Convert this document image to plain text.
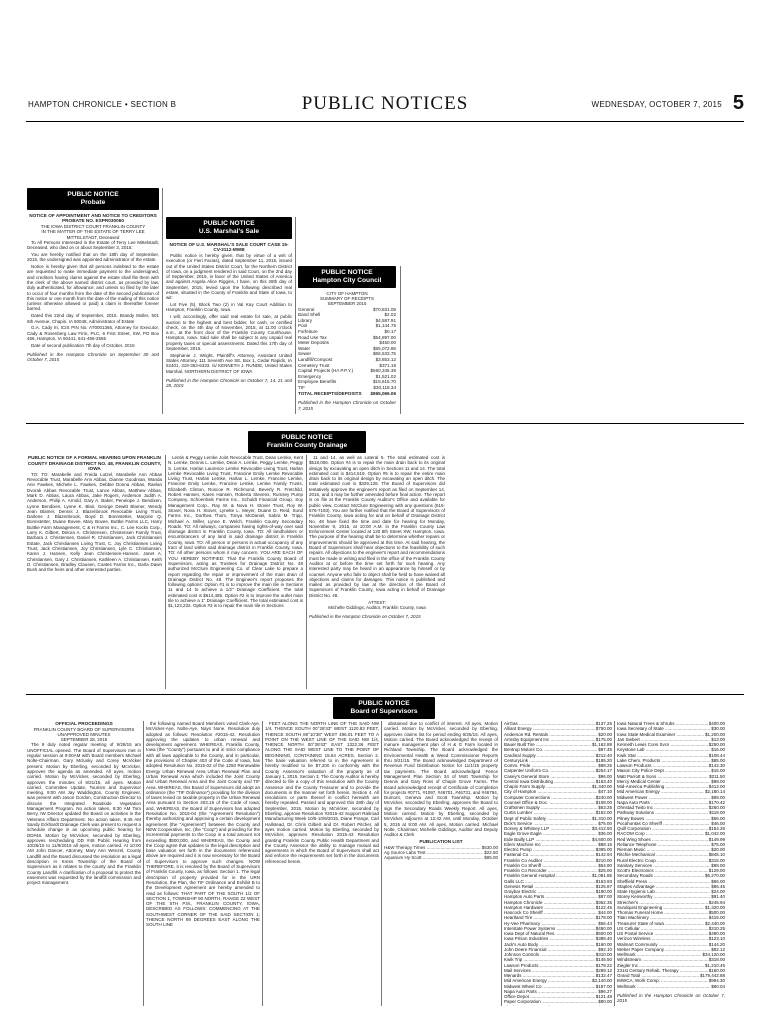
HAMPTON CHRONICLE • SECTION B	PUBLIC NOTICES	WEDNESDAY, OCTOBER 7, 2015 5
PUBLIC NOTICE
Probate
NOTICE OF APPOINTMENT AND NOTICE TO CREDITORS PROBATE NO. ESPR030060
THE IOWA DISTRICT COURT FRANKLIN COUNTY
IN THE MATTER OF THE ESTATE OF TERRY LEE MITTELSTADT, Deceased

To All Persons Interested in the Estate of Terry Lee Mittelstadt, Deceased, who died on or about September 3, 2015:

You are hereby notified that on the 18th day of September, 2015, the undersigned was appointed administrator of the estate.

Notice is hereby given that all persons indebted to the estate are requested to make immediate payment to the undersigned, and creditors having claims against the estate shall file them with the clerk of the above named district court, as provided by law, duly authenticated, for allowance, and unless so filed by the later to occur of four months from the date of the second publication of this notice or one month from the date of the mailing of this notice (unless otherwise allowed or paid) a claim is thereafter forever barred.

Dated this 22nd day of September, 2015. Brandy Moller, 501 6th Avenue, Chapin, IA 50048, Administrator of Estate

G.A. Cady III, ICIS PIN No. AT0001366, Attorney for Executor, Cady & Rosenberg Law Firm, PLC, 6 First Street, SW, PO Box 456, Hampton, IA 50441, 641-456-2555

Date of second publication 7th day of October, 2015

Published in the Hampton Chronicle on September 30 and October 7, 2015
PUBLIC NOTICE
U.S. Marshal's Sale
NOTICE OF U.S. MARSHAL'S SALE COURT CASE 15-CV-3112-MWB

Public notice is hereby given, that by virtue of a writ of execution (or Fieri Facias), dated September 11, 2015, issued out of the United States District Court, for the Northern District of Iowa, on a judgment rendered in said Court, on the 2nd day of September, 2015, in favor of the United States of America and against Angela Alice Riggins, I have, on this 28th day of September, 2015, levied upon the following described real estate, situated in the County of Franklin and State of Iowa, to wit:

Lot Five (5), Block Two (2) in Val Kay Court Addition to Hampton, Franklin County, Iowa.

I will, accordingly, offer said real estate for sale, at public auction to the highest and best bidder, for cash, or certified check, on the 4th day of November, 2015, at 11:00 o'clock a.m., at the front door of the Franklin County Courthouse, Hampton, Iowa. Said sale shall be subject to any unpaid real property taxes or special assessments. Dated this 17th day of September, 2015.

Stephanie J. Wright, Plaintiff's Attorney, Assistant United States Attorney, 111 Seventh Ave SE, Box 1, Cedar Rapids, IA 52401, 319-363-6333. /s/ KENNETH J. RUNDE, United States Marshal, NORTHERN DISTRICT OF IOWA

Published in the Hampton Chronicle on October 7, 14, 21 and 28, 2015
PUBLIC NOTICE
Hampton City Council
CITY OF HAMPTON
SUMMARY OF RECEIPTS
SEPTEMBER 2015
General	$70,831.09
Band Shell	$2.02
Library	$4,587.91
Pool	$1,144.75
Forfeiture	$0.17
Road Use Tax	$54,897.00
Meter Deposits	$450.00
Water	$55,072.86
Sewer	$66,533.75
Landfill/Compost	$3,853.12
Cemetery Trust	$371.19
Capital Projects (HA P.P.Y.)	$560,345.36
Emergency	$1,521.02
Employee Benefits	$15,615.70
TIF	$30,118.34
TOTAL RECEIPTS/DEPOSITS	$865,066.06
Published in the Hampton Chronicle on October 7, 2015
PUBLIC NOTICE
Franklin County Drainage
PUBLIC NOTICE OF A FORMAL HEARING UPON FRANKLIN COUNTY DRAINAGE DISTRICT NO. 48, FRANKLIN COUNTY, IOWA

TO: TO: Marabelle and Freida Lutzel, Marabelle Ann Abbas Revocable Trust, Marabelle Ann Abbas, Dianne Goodman, Wanda Ann Fawkes, Michele L. Fawkes, Debbie Donna Abbas, Raelan Dvorak Abbas Revocable Trust, Lance Abbas, Matthew Abbas, Mark D. Abbas, Laura Abbas, Jake Rogers, Anderson Judith A. Anderson, Philip A. Arnold, Gary A. Baker, Penelope J. Bendixen, Lynne Bendixen, Lynne K. Blair, George Dewitt Blamer, Wendy Jean Blamer, Dennis J. Blazenbrook Revocable Living Trust, Darlene J. Blazenbrook, Boyd D. Bonnstetter, Marjorie Q. Bonnstetter, Duane Bovee, Mary Bovee, Buttke Farms LLC, Harry Buttke Farm Management, C & H Farms Inc., C. Lee Kocks Corp., Larry K. Gilbert, Delora A. Christensen, Christensen Family Trust, Barbara J. Christensen, Daniel R. Christiansen, Jack Christiansen Estate, Jack Christiansen Living Trust, C. Joy Christiansen Living Trust, Jack Christiansen, Joy Christiansen, Lyle C. Christiansen, Karen J. Hansen, Kelly Jean Christensen-Hansen, Janet A. Christiansen, Gary J. Christiansen, Kathleen A. Christiansen, Keith D. Christiansen, Bradley Clausen, Coates Farms Inc., Darla Dawn Bush and the heirs and other interested parties.

Lentis & Peggy Lemke Joint Revocable Trust, Dean Lemke, Kent N. Lemke, Dennis L. Lemke, Dean A. Lemke, Peggy Lemke, Peggy S. Lemke, Harlan Laurence Lemke Revocable Living Trust, Harlan Lemke Revocable Living Trust, Francine Emily Lemke Revocable Living Trust, Harlan Lemke, Harlan L. Lemke, Francine Lemke, Francine Emily Lemke, Francine Lemke, Lemke Family Trusts, Elizabeth Clinton, Roscoe R. Richmond, Beverly R. Fretchild, Robert Hansen, Karen Hansen, Roberta Stevens, Rumsey Pump Company, Schoenhals Farms Inc., Schuldt Financial Group, Soy Management Corp., Ray W. & Nova H. Stover Trust, Roy W. Stover, Nova H. Stover, Lynette L. Meyer, Duane D. Reid, Sund Farms Inc., Dorthea Thom, Tonya McDaniel, Sabra M. Tripp, Michael A. Willer, Lynne E. Welch, Franklin County Secondary Roads. TO: All railways, companies having rights-of-way over said drainage district in Franklin County, Iowa. TO: All landholders or encumbrancers of any land in said drainage district in Franklin County, Iowa. TO: All person or persons in actual occupancy of any tract of land within said drainage district in Franklin County, Iowa. TO: All other persons whom it may concern. YOU ARE EACH OF YOU HEREBY NOTIFIED: That the Franklin County Board of Supervisors, acting as Trustees for Drainage District No. 48 authorized McClure Engineering Co. of Clear Lake to prepare a report regarding the repair or improvement of the main drain of Drainage District No. 48. The Engineer's report proposes the following options: Option #1 is to improve the main tile in Sections 11 and 14 to achieve a 1/2" Drainage Coefficient. The total estimated cost is $614,485. Option #2 is to improve the outlet main tile to achieve a 1" Drainage Coefficient. The total estimated cost is $1,123,232. Option #3 is to repair the main tile in Sections

11 and 14, as well as Lateral 5. The total estimated cost is $518,006. Option #4 is to repair the main drain back to its original design by excavating an open ditch in Sections 11 and 14. The total estimated cost is $414,519. Option #5 is to repair the entire main drain back to its original design by excavating an open ditch. The total estimated cost is $329,128. The Board of Supervisors did tentatively approve the engineer's report as filed on September 14, 2015, and it may be further amended before final action. The report is on file at the Franklin County Auditor's Office and available for public view. Contact McClure Engineering with any questions (515-576-7193). You are further notified that the Board of Supervisors of Franklin County, Iowa acting for and on behalf of Drainage District No. 48 have fixed the time and date for hearing for Monday, November 9, 2015, at 10:00 A.M. in the Franklin County Law Enforcement Center located at 120 8th Street SW, Hampton, Iowa. The purpose of the hearing shall be to determine whether repairs or improvements should be approved at this time. At said hearing, the Board of Supervisors shall hear objections to the feasibility of such repairs. All objections to the engineer's report and recommendations must be made in writing and filed in the office of the Franklin County Auditor at or before the time set forth for such hearing. Any interested party may be heard in an appearance by himself or by counsel. Anyone who fails to object shall be held to have waived all objections and claims for damages. This notice is published and mailed as provided by law at the direction of the Board of Supervisors of Franklin County, Iowa acting in behalf of Drainage District No. 48.

ATTEST:
Michelle Giddings, Auditor, Franklin County, Iowa
Published in the Hampton Chronicle on October 7, 2015
PUBLIC NOTICE
Board of Supervisors
OFFICIAL PROCEEDINGS
FRANKLIN COUNTY BOARD OF SUPERVISORS UNAPPROVED MINUTES
SEPTEMBER 28, 2015

The 9 duly noted regular meeting of 9/28/15 am UNOFFICIAL opened. The Board of Supervisors met in regular session at 9:00AM with Board members Michael Nolte-Chairman, Gary Mclusky and Corey McVicker present. Motion by Eberling, seconded by McVicker, approves the agenda as amended. All ayes, motion carried. Motion by McVicker, seconded by Eberling, approves the minutes of 9/21/15, all ayes. Motion carried. Committee Update, Tourism and Supervisor meeting. 9:00 AM Jay Waddington, County Engineer, was present with Jason Gordon, Construction Director to discuss the Integrated Roadside Vegetation Management Program. No action taken. 9:30 AM Tom Berry, IW Director updated the Board on activities in the Veterans Affairs Department. No action taken. 9:45 AM Sandy Eckhardt Drainage Clerk was present to request a schedule change in an upcoming public hearing for DD#48. Motion by McVicker, seconded by Eberling, approves rescheduling DD #48 Public Hearing from 10/26/15 to 11/9/2015 all ayes, motion carried. At 10:00 AM John Dancer, Attorney, Mary Ann Wenzel, County Landfill and the Board discussed the resolution as a legal description in Kress Township of the Board of Supervisors as it relates to the county and the Franklin County Landfill. A clarification of a proposal to protect the easement was requested by the landfill commission and project management.

the following named Board Members voted Clark-Aye, McVicker-Aye, Nolte-Aye, Nays None. Resolution duly adopted as follows: Resolution #2015-42. Resolution approving the updates to urban renewal and development agreement. WHEREAS, Franklin County, Iowa (the "County") pursuant to and in strict compliance with all laws applicable to the County, and in particular, the provisions of Chapter 403 of the Code of Iowa, has adopted Resolution No. 2015-02 of the 1250 Renewable Energy Urban Renewal Area Urban Renewal Plan and Urban Renewal Area which included the Joint County and Urban Renewal Area and the Joint County and TIF Area. WHEREAS, this Board of Supervisors did adopt an ordinance (the "TIF Ordinance") providing for the division of taxes levied on taxable property in the Urban Renewal Area pursuant to Section 403.19 of the Code of Iowa; and, WHEREAS, the Board of Supervisors has adopted Resolution No. 2015-04 (the "Agreement Resolution") thereby authorizing and approving a certain development agreement (the "Agreement") between the County and NEW Cooperative, Inc. (the "Coop") and providing for the incremental payments to the Coop in a total amount not exceeding $500,000, and WHEREAS, the County and the Coop agree that updates to the legal description and base valuation set forth in the documents referenced above are required and it is now necessary for the Board of Supervisors to approve such changes. NOW THEREFORE, it is resolved by the Board of Supervisors of Franklin County, Iowa, as follows: Section 1. The legal description of property provided for in the URN Resolution, the Plan, the TIF Ordinance and Exhibit B to the Development Agreement are hereby amended to read as follows: THAT PART OF THE SOUTH 1/2 OF SECTION 1, TOWNSHIP 90 NORTH, RANGE 22 WEST OF THE 5TH P.M., FRANKLIN COUNTY, IOWA, DESCRIBED AS FOLLOWS: COMMENCING AT THE SOUTHWEST CORNER OF THE SAID SECTION 1; THENCE NORTH 89 DEGREES EAST ALONG THE SOUTH LINE

FEET ALONG THE NORTH LINE OF THE SAID NW 1/4, THENCE SOUTH 00°28'43" WEST 1120.83 FEET, THENCE SOUTH 89°10'38" WEST 496.01 FEET TO A POINT ON THE WEST LINE OF THE SAID NW 1/4, THENCE NORTH 00°28'43" EAST 1322.36 FEET ALONG THE SAID WEST LINE TO THE POINT OF BEGINNING, CONTAINING 15.64 ACRES. Section 2. The base valuation referred to in the Agreement is hereby modified to be $7,200 in conformity with the County Assessor's valuation of the property as of January 1, 2015. Section 3. The County Auditor is hereby directed to file a copy of this resolution with the County Assessor and the County Treasurer and to provide the documents in the manner set forth herein. Section 4. All resolutions or parts thereof in conflict herewith are hereby repealed. Passed and approved this 28th day of September, 2015. Motion by McVicker, seconded by Eberling, approve Resolution #2015-42 Support Railroad Manufacturing Week 10/5-10/9/2015, Diane Prange, Carl Hallstead, Dr. Chris Gilbert and Dr. Robert Pitcher, all ayes motion carried. Motion by Eberling, seconded by McVicker, approves Resolution 2015-43 Resolution granting Franklin County Public Health Department and the County Assessor the ability to manage mutual aid agreements in which the Board of Supervisors shall act and enforce the requirements set forth in the documents referenced herein.

abstained due to conflict of interest. All ayes, Motion carried. Motion by McVicker, seconded by Eberling, approves claims list for period ending 9/25/15. All ayes, Motion carried. The Board acknowledged the receipt of manure management plan of H & G Farm located in Richland Township. The Board acknowledged the Environmental Health & Weed Commissioner Reports thru 9/21/15. The Board acknowledged Department of Revenue Fund Distribution Notice for 11/1/15 property tax payments. The Board acknowledged Fence Management Plan Section 34 of Mott Township for Dennis and Gary Ross of Chapin Grove Farms. The Board acknowledged receipt of Certificate of Completion for projects #0771, #1097, #46701, #46731, and #46794, Dumont, Geneva and Scott Township. Motion by McVicker, seconded by Eberling, approves the Board to sign the Secondary Roads Weekly Report. All ayes, Motion carried. Motion by Eberling, seconded by McVicker, adjourns at 12:42 AM, until Monday, October 5, 2015 at 9:00 AM. All ayes, Motion carried. Michael Nolte, Chairman; Michelle Giddings, Auditor and Deputy Auditor & Clerk

PUBLICATION LIST
H&W Therapy Times .....	$530.00
Ag Source Labs Test .....	$22.50
Aquarium Hy Scott .....	$85.00
AirGas .....	$137.25
Alliant Energy .....	$750.00
Anderson Rd. Rentals .....	$20.00
Armsby Equipment Inc .....	$175.00
Bauer Built Tire .....	$1,162.88
Bentrup Motors Co. .....	$87.45
Cardinal Supply .....	$212.40
CenturyLink .....	$185.20
Comm. Pride .....	$98.25
Carpenter Uniform Co. .....	$254.17
Casey's General Store .....	$96.00
Central Iowa Distributing .....	$163.40
Chapin Farm Supply .....	$1,340.00
City of Hampton .....	$47.10
Computer Connections .....	$240.00
Counsel Office & Doc. .....	$108.00
Craftsmen Supply .....	$63.25
Curtis Lumber .....	$152.00
Dept of Public Safety .....	$1,310.00
Dick's Service .....	$75.00
Dorsey & Whitney LLP .....	$3,412.50
Eagle Grove Eagle .....	$36.00
Eide Bailly LLP .....	$4,600.00
Eilers Machine Inc .....	$88.16
Electric Pump .....	$395.00
Fastenal Co .....	$142.94
Franklin Co Auditor .....	$210.00
Franklin Co Sheriff .....	$64.80
Franklin Co Recorder .....	$25.00
Franklin General Hospital .....	$1,081.85
Galls LLC .....	$163.93
Genesis Retail .....	$125.87
Graybar Electric .....	$190.00
Hampton Auto Parts .....	$87.00
Hampton Chronicle .....	$362.35
Hampton Hardware .....	$122.45
Hancock Co Sheriff .....	$44.00
Heartland Tire .....	$178.00
Hy-Vee Pharmacy .....	$56.44
Interstate Power Systems .....	$450.00
Iowa Dept of Natural Res. .....	$500.00
Iowa Prison Industries .....	$388.40
Jack's Auto Body .....	$160.00
John Deere Financial .....	$92.10
Johnson Controls .....	$310.00
Kwik Trip .....	$145.50
Lawson Products .....	$178.22
Mail Services .....	$289.12
Menards .....	$132.47
Mid American Energy .....	$3,140.00
Midwest Wheel Co. .....	$187.00
Napa Auto Parts .....	$96.27
Office Depot .....	$121.48
Paper Corporation .....	$80.00
.....
Iowa Natural Trees & Shrubs .....	$400.00
Iowa Secretary of State .....	$30.00
Iowa State Medical Examiner .....	$1,200.00
Jan Siebert .....	$13.00
Kenneth Lewis Cons Svcs .....	$250.00
Keystone Lab .....	$16.00
Kwik Star .....	$108.44
Lake Chem. Products .....	$85.00
Lawson Products .....	$142.30
Mason City Police Dept .....	$16.00
Matt Parrott & Sons .....	$211.50
Mercy Medical Center .....	$98.00
Mid-America Publishing .....	$412.00
Mid American Energy .....	$2,180.14
Midwest Power .....	$89.00
Napa Auto Parts .....	$170.42
Ohnstad Twito Inc .....	$260.00
Pathway Solutions .....	$118.00
Pitney Bowes .....	$66.00
Pocahontas Co Sheriff .....	$46.00
Quill Corporation .....	$154.26
RACOM Corp .....	$1,042.00
Red Wing Shoes .....	$149.99
Reliance Telephone .....	$75.00
Rieman Music .....	$20.00
Ritchie Mechanical .....	$845.10
Rural Electric Coop .....	$315.00
Sanitary Services .....	$98.00
Scott's Electronics .....	$129.00
Secondary Roads .....	$6,270.00
Sheffield Press .....	$56.00
Staples Advantage .....	$86.45
State Hygienic Lab .....	$24.00
Storey Kenworthy .....	$91.40
Streicher's .....	$245.94
Sundquist Engineering .....	$1,320.00
Thomas Funeral Home .....	$500.00
Titan Machinery .....	$415.00
Treasurer State of Iowa .....	$2,440.00
US Cellular .....	$210.25
US Postal Service .....	$490.00
Verizon Wireless .....	$123.10
Walmart Community .....	$144.20
Weber Paper Company .....	$82.12
Wellmark .....	$34,120.00
Windstream .....	$318.00
Ziegler Inc .....	$1,210.45
231st Century Rehab. Therapy .....	$160.00
Grand Total .....	$179,442.88
IMWCA, Work Comp. .....	$994.30
Wellmark .....	$80.04
Published in the Hampton Chronicle on October 7, 2015
